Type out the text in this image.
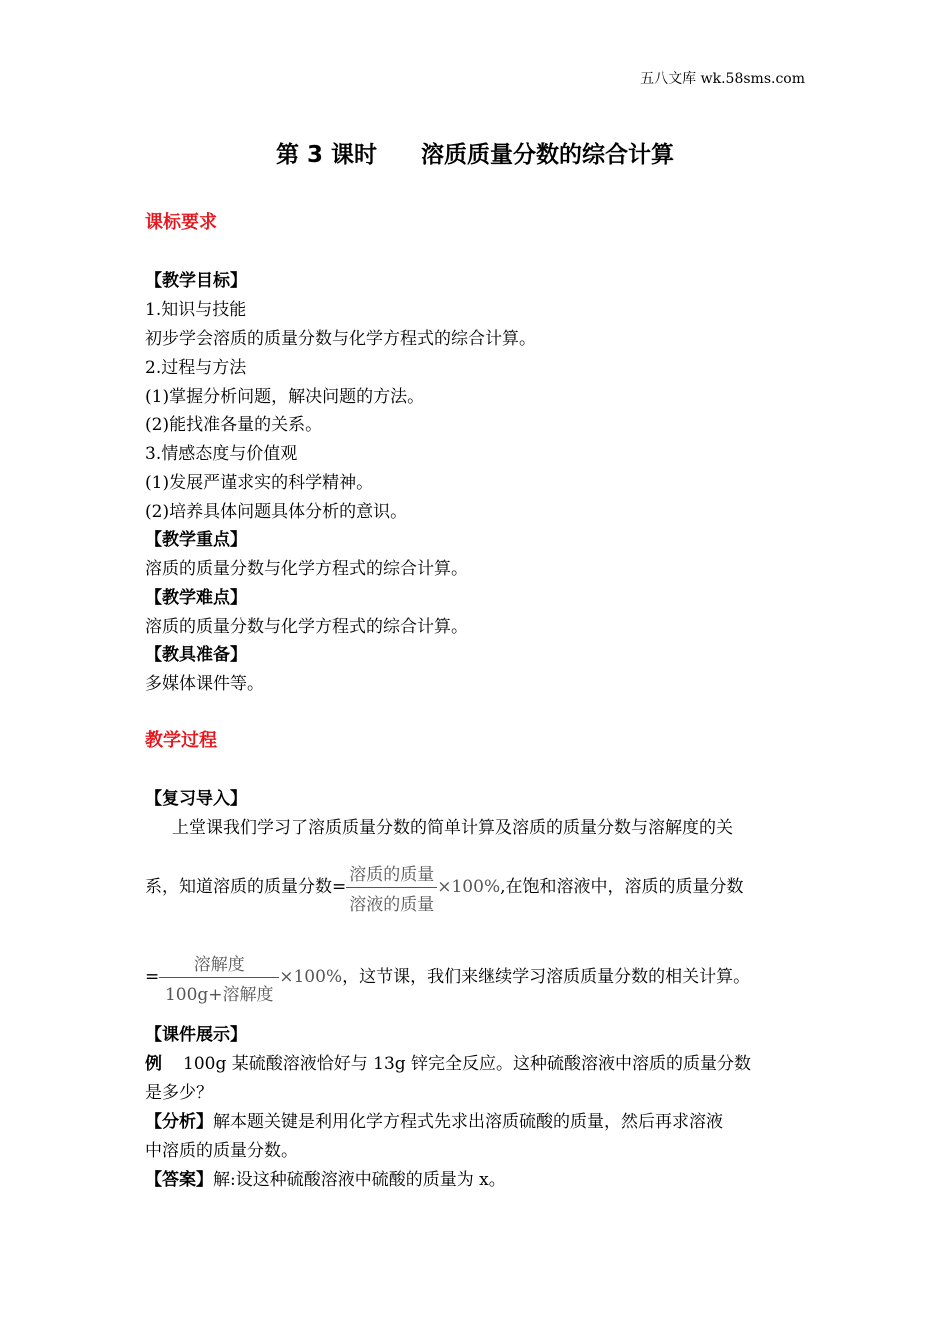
五八文库 wk.58sms.com
第 3 课时 溶质质量分数的综合计算
课标要求
【教学目标】
1.知识与技能
初步学会溶质的质量分数与化学方程式的综合计算。
2.过程与方法
(1)掌握分析问题，解决问题的方法。
(2)能找准各量的关系。
3.情感态度与价值观
(1)发展严谨求实的科学精神。
(2)培养具体问题具体分析的意识。
【教学重点】
溶质的质量分数与化学方程式的综合计算。
【教学难点】
溶质的质量分数与化学方程式的综合计算。
【教具准备】
多媒体课件等。
教学过程
【复习导入】
上堂课我们学习了溶质质量分数的简单计算及溶质的质量分数与溶解度的关
系，知道溶质的质量分数= $\frac{\text{溶质的质量}}{\text{溶液的质量}} \times 100\%$,在饱和溶液中，溶质的质量分数
= $\frac{\text{溶解度}}{\text{100g+溶解度}} \times 100\%$，这节课，我们来继续学习溶质质量分数的相关计算。
【课件展示】
例 100g 某硫酸溶液恰好与 13g 锌完全反应。这种硫酸溶液中溶质的质量分数
是多少？
【分析】解本题关键是利用化学方程式先求出溶质硫酸的质量，然后再求溶液
中溶质的质量分数。
【答案】解:设这种硫酸溶液中硫酸的质量为 x。
